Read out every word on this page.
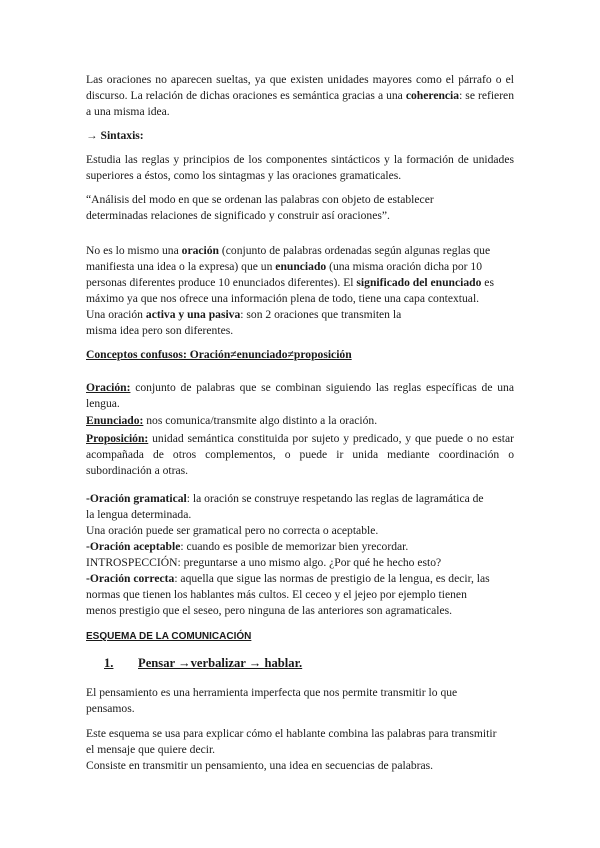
Las oraciones no aparecen sueltas, ya que existen unidades mayores como el párrafo o el discurso. La relación de dichas oraciones es semántica gracias a una coherencia: se refieren a una misma idea.

→ Sintaxis:

Estudia las reglas y principios de los componentes sintácticos y la formación de unidades superiores a éstos, como los sintagmas y las oraciones gramaticales.

“Análisis del modo en que se ordenan las palabras con objeto de establecer
determinadas relaciones de significado y construir así oraciones”.

No es lo mismo una oración (conjunto de palabras ordenadas según algunas reglas que
manifiesta una idea o la expresa) que un enunciado (una misma oración dicha por 10
personas diferentes produce 10 enunciados diferentes). El significado del enunciado es
máximo ya que nos ofrece una información plena de todo, tiene una capa contextual.
Una oración activa y una pasiva: son 2 oraciones que transmiten la
misma idea pero son diferentes.

Conceptos confusos: Oración≠enunciado≠proposición

Oración: conjunto de palabras que se combinan siguiendo las reglas específicas de una lengua.

Enunciado: nos comunica/transmite algo distinto a la oración.

Proposición: unidad semántica constituida por sujeto y predicado, y que puede o no estar acompañada de otros complementos, o puede ir unida mediante coordinación o subordinación a otras.

-Oración gramatical: la oración se construye respetando las reglas de lagramática de
la lengua determinada.
Una oración puede ser gramatical pero no correcta o aceptable.
-Oración aceptable: cuando es posible de memorizar bien yrecordar.
INTROSPECCIÓN: preguntarse a uno mismo algo. ¿Por qué he hecho esto?
-Oración correcta: aquella que sigue las normas de prestigio de la lengua, es decir, las
normas que tienen los hablantes más cultos. El ceceo y el jejeo por ejemplo tienen
menos prestigio que el seseo, pero ninguna de las anteriores son agramaticales.

ESQUEMA DE LA COMUNICACIÓN

1. Pensar →verbalizar → hablar.

El pensamiento es una herramienta imperfecta que nos permite transmitir lo que
pensamos.

Este esquema se usa para explicar cómo el hablante combina las palabras para transmitir
el mensaje que quiere decir.
Consiste en transmitir un pensamiento, una idea en secuencias de palabras.
